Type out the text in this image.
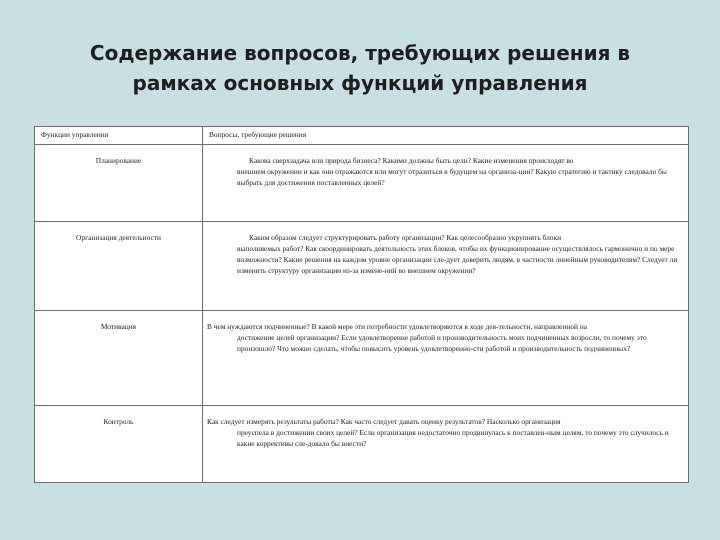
Содержание вопросов, требующих решения в
рамках основных функций управления
Функции управления	Вопросы, требующие решения
Планирование	Какова сверхзадача или природа бизнеса? Какими должны быть цели? Какие изменения происходят во
внешнем окружении и как они отражаются или могут отразиться в будущем на организа-ции? Какую стратегию и тактику следовало бы выбрать для достижения поставленных целей?

Организация деятельности	Каким образом следует структурировать работу организации? Как целесообразно укрупнять блоки
выполняемых работ? Как скоординировать деятельность этих блоков, чтобы их функционирование осуществлялось гармонично и по мере возможности? Какие решения на каждом уровне организации сле-дует доверить людям, в частности линейным руководителям? Следует ли изменить структуру организации из-за измене-ний во внешнем окружении?

Мотивация	В чем нуждаются подчиненные? В какой мере эти потребности удовлетворяются в ходе дея-тельности, направленной на
достижение целей организации? Если удовлетворение работой и производительность моих подчиненных возросли, то почему это произошло? Что можно сделать, чтобы повысить уровень удовлетворенно-сти работой и производительность подчиненных?

Контроль	Как следует измерять результаты работы? Как часто следует давать оценку результатов? Насколько организация
преуспела в достижении своих целей? Если организация недостаточно продвинулась к поставлен-ным целям, то почему это случилось и какие коррективы сле-довало бы внести?
